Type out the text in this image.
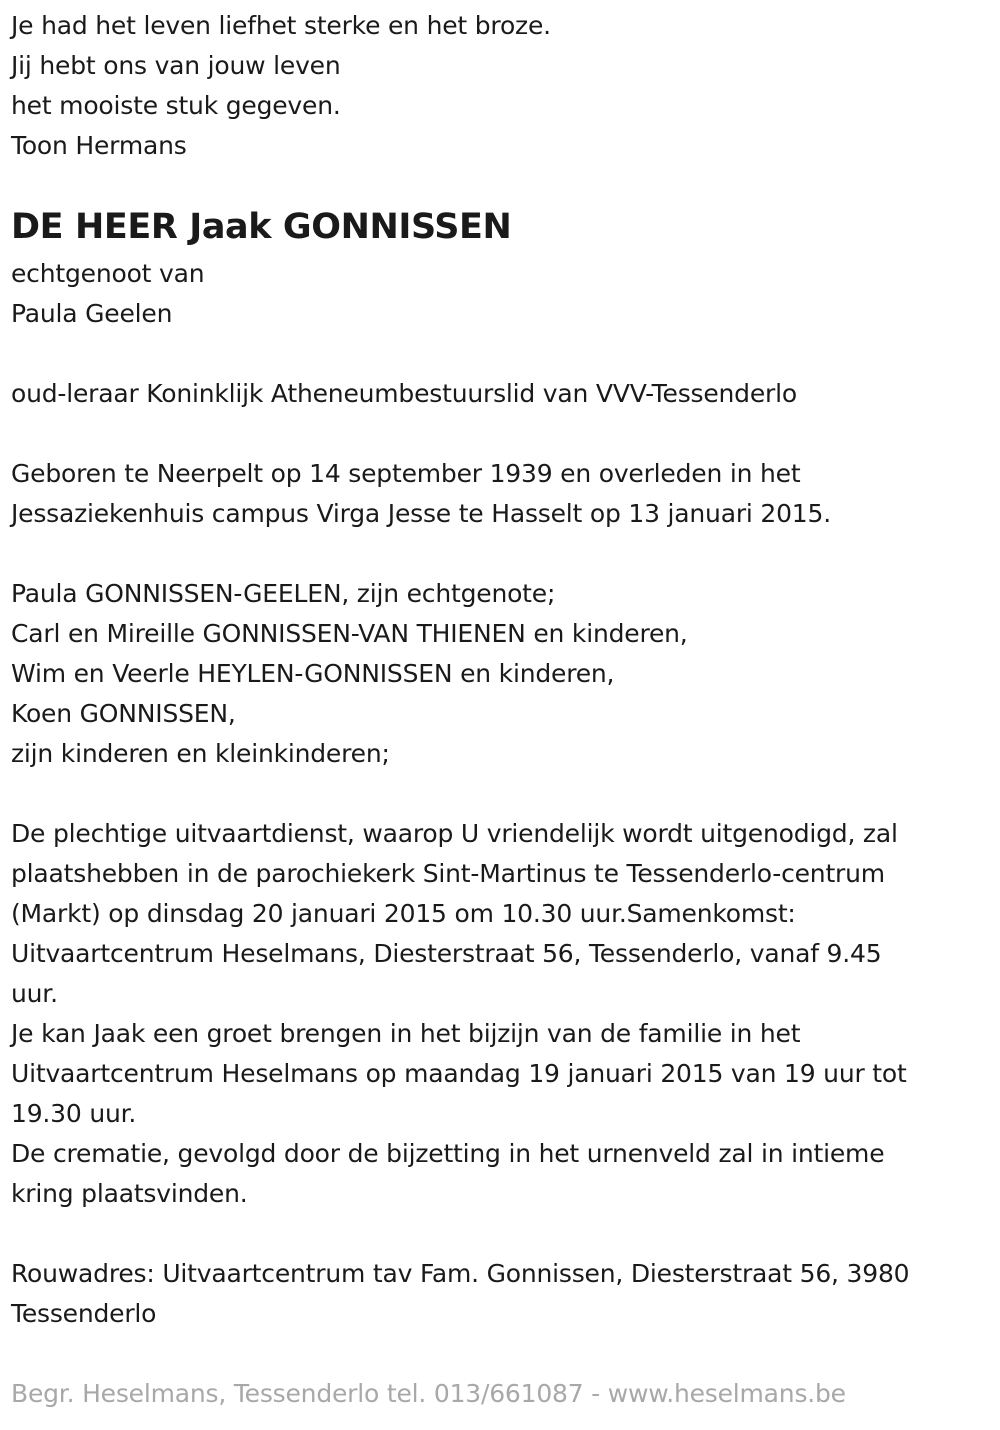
Je had het leven liefhet sterke en het broze.
Jij hebt ons van jouw leven
het mooiste stuk gegeven.
Toon Hermans
DE HEER Jaak GONNISSEN
echtgenoot van
Paula Geelen
oud-leraar Koninklijk Atheneumbestuurslid van VVV-Tessenderlo
Geboren te Neerpelt op 14 september 1939 en overleden in het
Jessaziekenhuis campus Virga Jesse te Hasselt op 13 januari 2015.
Paula GONNISSEN-GEELEN, zijn echtgenote;
Carl en Mireille GONNISSEN-VAN THIENEN en kinderen,
Wim en Veerle HEYLEN-GONNISSEN en kinderen,
Koen GONNISSEN,
zijn kinderen en kleinkinderen;
De plechtige uitvaartdienst, waarop U vriendelijk wordt uitgenodigd, zal
plaatshebben in de parochiekerk Sint-Martinus te Tessenderlo-centrum
(Markt) op dinsdag 20 januari 2015 om 10.30 uur.Samenkomst:
Uitvaartcentrum Heselmans, Diesterstraat 56, Tessenderlo, vanaf 9.45
uur.
Je kan Jaak een groet brengen in het bijzijn van de familie in het
Uitvaartcentrum Heselmans op maandag 19 januari 2015 van 19 uur tot
19.30 uur.
De crematie, gevolgd door de bijzetting in het urnenveld zal in intieme
kring plaatsvinden.
Rouwadres: Uitvaartcentrum tav Fam. Gonnissen, Diesterstraat 56, 3980
Tessenderlo
Begr. Heselmans, Tessenderlo tel. 013/661087 - www.heselmans.be
